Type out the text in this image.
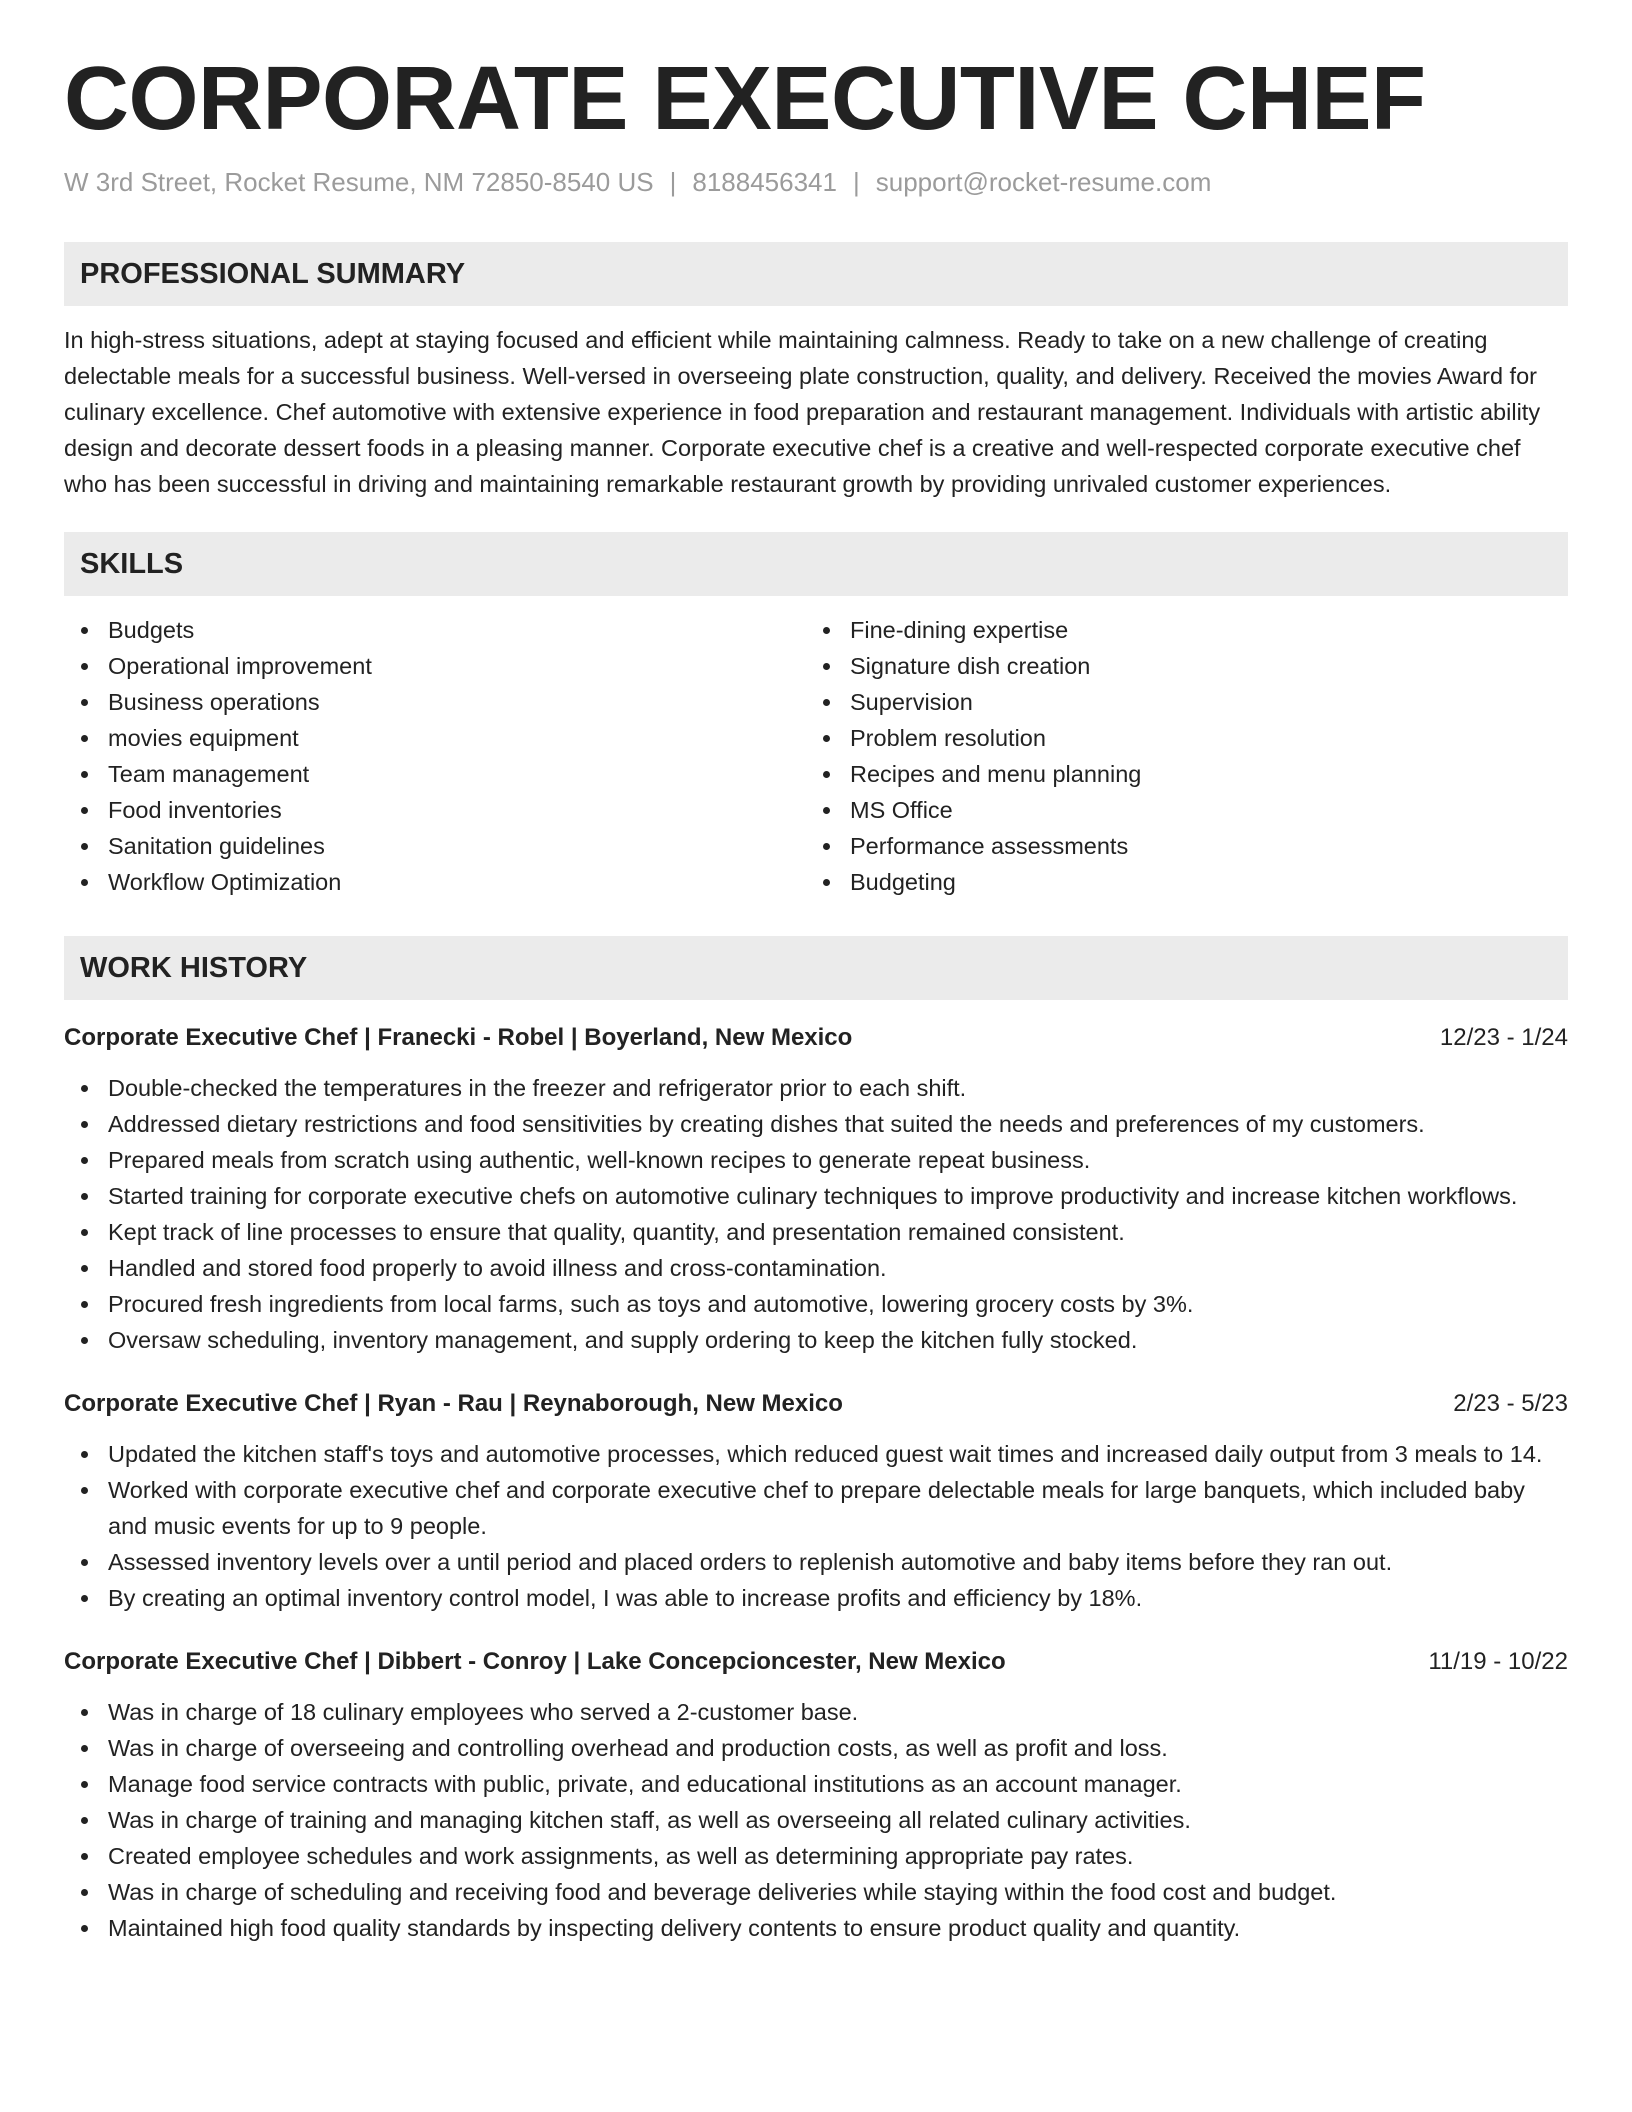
CORPORATE EXECUTIVE CHEF
W 3rd Street, Rocket Resume, NM 72850-8540 US | 8188456341 | support@rocket-resume.com
PROFESSIONAL SUMMARY

In high-stress situations, adept at staying focused and efficient while maintaining calmness. Ready to take on a new challenge of creating delectable meals for a successful business. Well-versed in overseeing plate construction, quality, and delivery. Received the movies Award for culinary excellence. Chef automotive with extensive experience in food preparation and restaurant management. Individuals with artistic ability design and decorate dessert foods in a pleasing manner. Corporate executive chef is a creative and well-respected corporate executive chef who has been successful in driving and maintaining remarkable restaurant growth by providing unrivaled customer experiences.

SKILLS
Budgets
Operational improvement
Business operations
movies equipment
Team management
Food inventories
Sanitation guidelines
Workflow Optimization
Fine-dining expertise
Signature dish creation
Supervision
Problem resolution
Recipes and menu planning
MS Office
Performance assessments
Budgeting
WORK HISTORY
Corporate Executive Chef | Franecki - Robel | Boyerland, New Mexico	12/23 - 1/24
Double-checked the temperatures in the freezer and refrigerator prior to each shift.
Addressed dietary restrictions and food sensitivities by creating dishes that suited the needs and preferences of my customers.
Prepared meals from scratch using authentic, well-known recipes to generate repeat business.
Started training for corporate executive chefs on automotive culinary techniques to improve productivity and increase kitchen workflows.
Kept track of line processes to ensure that quality, quantity, and presentation remained consistent.
Handled and stored food properly to avoid illness and cross-contamination.
Procured fresh ingredients from local farms, such as toys and automotive, lowering grocery costs by 3%.
Oversaw scheduling, inventory management, and supply ordering to keep the kitchen fully stocked.
Corporate Executive Chef | Ryan - Rau | Reynaborough, New Mexico	2/23 - 5/23
Updated the kitchen staff's toys and automotive processes, which reduced guest wait times and increased daily output from 3 meals to 14.
Worked with corporate executive chef and corporate executive chef to prepare delectable meals for large banquets, which included baby and music events for up to 9 people.
Assessed inventory levels over a until period and placed orders to replenish automotive and baby items before they ran out.
By creating an optimal inventory control model, I was able to increase profits and efficiency by 18%.
Corporate Executive Chef | Dibbert - Conroy | Lake Concepcioncester, New Mexico	11/19 - 10/22
Was in charge of 18 culinary employees who served a 2-customer base.
Was in charge of overseeing and controlling overhead and production costs, as well as profit and loss.
Manage food service contracts with public, private, and educational institutions as an account manager.
Was in charge of training and managing kitchen staff, as well as overseeing all related culinary activities.
Created employee schedules and work assignments, as well as determining appropriate pay rates.
Was in charge of scheduling and receiving food and beverage deliveries while staying within the food cost and budget.
Maintained high food quality standards by inspecting delivery contents to ensure product quality and quantity.
